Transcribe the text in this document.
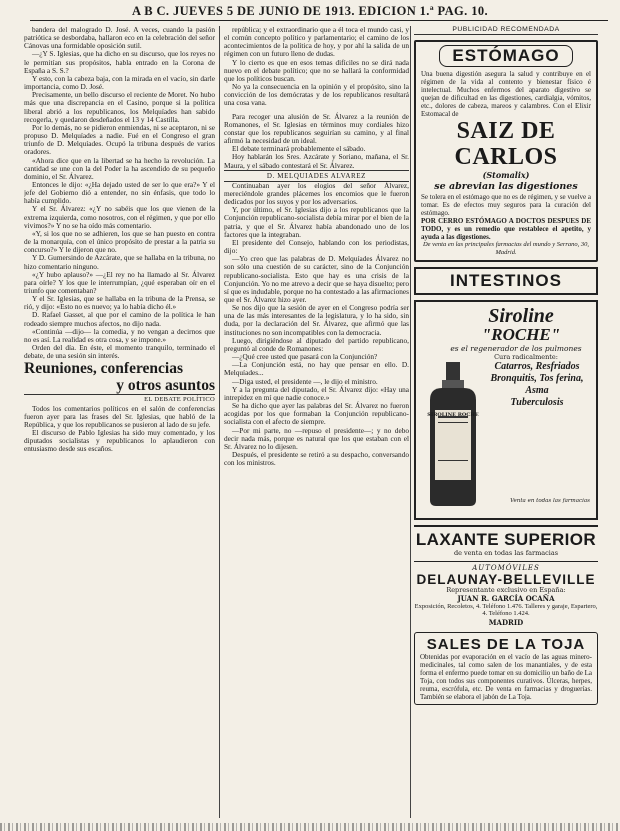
A B C. JUEVES 5 DE JUNIO DE 1913. EDICION 1.ª PAG. 10.

bandera del malogrado D. José. A veces, cuando la pasión patriótica se desbordaba, hallaron eco en la celebración del señor Cánovas una formidable oposición sutil.

—¿Y S. Iglesias, que ha dicho en su discurso, que los reyes no le permitían sus propósitos, habla entrado en la Corona de España a S. S.?

Y esto, con la cabeza baja, con la mirada en el vacío, sin darle importancia, como D. José.

Precisamente, un bello discurso el reciente de Moret. No hubo más que una discrepancia en el Casino, porque si la política liberal abrió a los republicanos, los Melquíades han sabido recogerla, y quedaron desdeñados el 13 y 14 Castilla.

Por lo demás, no se pidieron enmiendas, ni se aceptaron, ni se propuso D. Melquíades a nadie. Fué en el Congreso el gran triunfo de D. Melquíades. Ocupó la tribuna después de varios oradores.

«Ahora dice que en la libertad se ha hecho la revolución. La cantidad se une con la del Poder la ha ascendido de su pequeño dominio, el Sr. Álvarez.

Entonces le dijo: «¿Ha dejado usted de ser lo que era?» Y el jefe del Gobierno dió a entender, no sin énfasis, que todo lo había cumplido.

Y el Sr. Álvarez: «¿Y no sabéis que los que vienen de la extrema izquierda, como nosotros, con el régimen, y que por ello vivimos?» Y no se ha oído más comentario.

«Y, si los que no se adhieren, los que se han puesto en contra de la monarquía, con el único propósito de prestar a la patria su concurso?» Y le dijeron que no.

Y D. Gumersindo de Azcárate, que se hallaba en la tribuna, no hizo comentario ninguno.

«¿Y hubo aplauso?» —¿El rey no ha llamado al Sr. Álvarez para oírle? Y los que le interrumpían, ¿qué esperaban oír en el triunfo que comentaban?

Y el Sr. Iglesias, que se hallaba en la tribuna de la Prensa, se rió, y dijo: «Esto no es nuevo; ya lo había dicho él.»

D. Rafael Gasset, al que por el camino de la política le han rodeado siempre muchos afectos, no dijo nada.

«Continúa —dijo— la comedia, y no vengan a decirnos que no es así. La realidad es otra cosa, y se impone.»

Orden del día. En éste, el momento tranquilo, terminado el debate, de una sesión sin interés.

Reuniones, conferencias

y otros asuntos

EL DEBATE POLÍTICO

Todos los comentarios políticos en el salón de conferencias fueron ayer para las frases del Sr. Iglesias, que habló de la República, y que los republicanos se pusieron al lado de su jefe.

El discurso de Pablo Iglesias ha sido muy comentado, y los diputados socialistas y republicanos lo aplaudieron con entusiasmo desde sus escaños.

república; y el extraordinario que a él toca el mundo casi, y el común concepto político y parlamentario; el camino de los acontecimientos de la política de hoy, y por ahí la salida de un régimen con un futuro lleno de dudas.

Y lo cierto es que en esos temas difíciles no se dirá nada nuevo en el debate político; que no se hallará la conformidad que los políticos buscan.

No ya la consecuencia en la opinión y el propósito, sino la convicción de los demócratas y de los republicanos resultará una cosa vana.

Para recoger una alusión de Sr. Álvarez a la reunión de Romanones, el Sr. Iglesias en términos muy cordiales hizo constar que los republicanos seguirían su camino, y al final afirmó la necesidad de un ideal.

El debate terminará probablemente el sábado.

Hoy hablarán los Sres. Azcárate y Soriano, mañana, el Sr. Maura, y el sábado contestará el Sr. Álvarez.

D. MELQUIADES ALVAREZ

Continuaban ayer los elogios del señor Álvarez, mereciéndole grandes plácemes los encomios que le fueron dedicados por los suyos y por los adversarios.

Y, por último, el Sr. Iglesias dijo a los republicanos que la Conjunción republicano-socialista debía mirar por el bien de la patria, y que el Sr. Álvarez había abandonado uno de los factores que la integraban.

El presidente del Consejo, hablando con los periodistas, dijo:

—Yo creo que las palabras de D. Melquíades Álvarez no son sólo una cuestión de su carácter, sino de la Conjunción republicano-socialista. Esto que hay es una crisis de la Conjunción. Yo no me atrevo a decir que se haya disuelto; pero sí que es indudable, porque no ha contestado a las afirmaciones que el Sr. Álvarez hizo ayer.

Se nos dijo que la sesión de ayer en el Congreso podría ser una de las más interesantes de la legislatura, y lo ha sido, sin duda, por la declaración del Sr. Álvarez, que afirmó que las instituciones no son incompatibles con la democracia.

Luego, dirigiéndose al diputado del partido republicano, preguntó al conde de Romanones:

—¿Qué cree usted que pasará con la Conjunción?

—La Conjunción está, no hay que pensar en ello. D. Melquíades...

—Diga usted, el presidente —, le dijo el ministro.

Y a la pregunta del diputado, el Sr. Álvarez dijo: «Hay una intrepidez en mí que nadie conoce.»

Se ha dicho que ayer las palabras del Sr. Álvarez no fueron acogidas por los que formaban la Conjunción republicano-socialista con el afecto de siempre.

—Por mi parte, no —repuso el presidente—; y no debo decir nada más, porque es natural que los que estaban con el Sr. Álvarez no lo dijesen.

Después, el presidente se retiró a su despacho, conversando con los ministros.

PUBLICIDAD RECOMENDADA
ESTÓMAGO
Una buena digestión asegura la salud y contribuye en el régimen de la vida al contento y bienestar físico é intelectual. Muchos enfermos del aparato digestivo se quejan de dificultad en las digestiones, cardialgia, vómitos, etc., dolores de cabeza, mareos y calambres. Con el Elixir Estomacal de
SAIZ DE CARLOS
(Stomalix)
se abrevian las digestiones
Se tolera en el estómago que no es de régimen, y se vuelve a tomar. Es de efectos muy seguros para la curación del estómago.
POR CERRO ESTÓMAGO A DOCTOS DESPUES DE TODO, y es un remedio que restablece el apetito, y ayuda a las digestiones.
De venta en las principales farmacias del mundo y Serrano, 30, Madrid.
INTESTINOS
Siroline
"ROCHE"
es el regenerador de los pulmones
Cura radicalmente:
Catarros, Resfriados
Bronquitis, Tos ferina,
Asma
Tuberculosis
SIROLINE ROCHE
Venta en todas las farmacias
LAXANTE SUPERIOR
de venta en todas las farmacias
AUTOMÓVILES
DELAUNAY-BELLEVILLE
Representante exclusivo en España:
JUAN R. GARCÍA OCAÑA
Exposición, Recoletos, 4. Teléfono 1.476. Talleres y garaje, Espartero, 4. Teléfono 1.424.
MADRID
SALES DE LA TOJA
Obtenidas por evaporación en el vacío de las aguas minero-medicinales, tal como salen de los manantiales, y de esta forma el enfermo puede tomar en su domicilio un baño de La Toja, con todos sus componentes curativos. Úlceras, herpes, reuma, escrófula, etc. De venta en farmacias y droguerías. También se elabora el jabón de La Toja.
